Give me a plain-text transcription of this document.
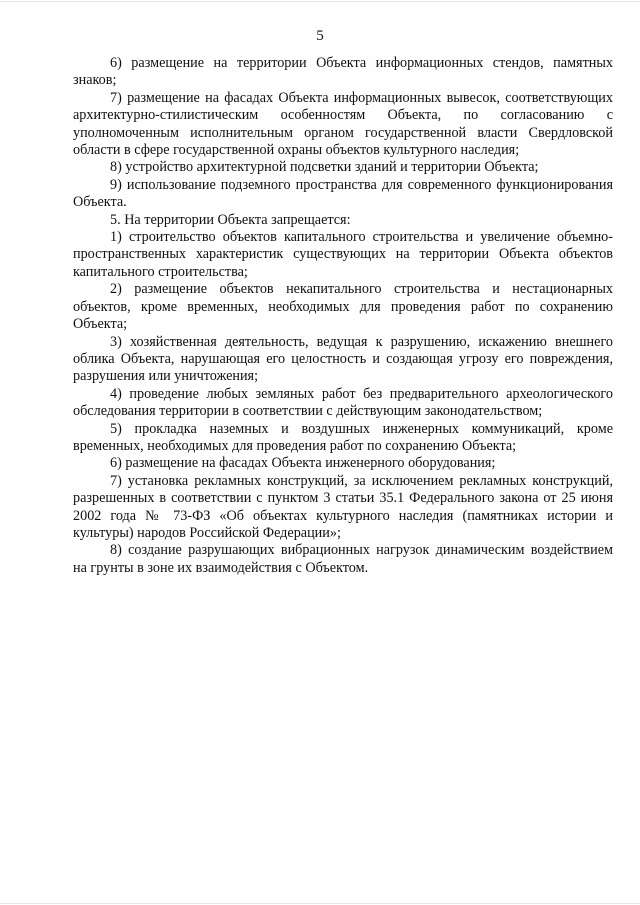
5

6) размещение на территории Объекта информационных стендов, памятных знаков;

7) размещение на фасадах Объекта информационных вывесок, соответствующих архитектурно-стилистическим особенностям Объекта, по согласованию с уполномоченным исполнительным органом государственной власти Свердловской области в сфере государственной охраны объектов культурного наследия;

8) устройство архитектурной подсветки зданий и территории Объекта;

9) использование подземного пространства для современного функционирования Объекта.

5. На территории Объекта запрещается:

1) строительство объектов капитального строительства и увеличение объемно-пространственных характеристик существующих на территории Объекта объектов капитального строительства;

2) размещение объектов некапитального строительства и нестационарных объектов, кроме временных, необходимых для проведения работ по сохранению Объекта;

3) хозяйственная деятельность, ведущая к разрушению, искажению внешнего облика Объекта, нарушающая его целостность и создающая угрозу его повреждения, разрушения или уничтожения;

4) проведение любых земляных работ без предварительного археологического обследования территории в соответствии с действующим законодательством;

5) прокладка наземных и воздушных инженерных коммуникаций, кроме временных, необходимых для проведения работ по сохранению Объекта;

6) размещение на фасадах Объекта инженерного оборудования;

7) установка рекламных конструкций, за исключением рекламных конструкций, разрешенных в соответствии с пунктом 3 статьи 35.1 Федерального закона от 25 июня 2002 года № 73-ФЗ «Об объектах культурного наследия (памятниках истории и культуры) народов Российской Федерации»;

8) создание разрушающих вибрационных нагрузок динамическим воздействием на грунты в зоне их взаимодействия с Объектом.
